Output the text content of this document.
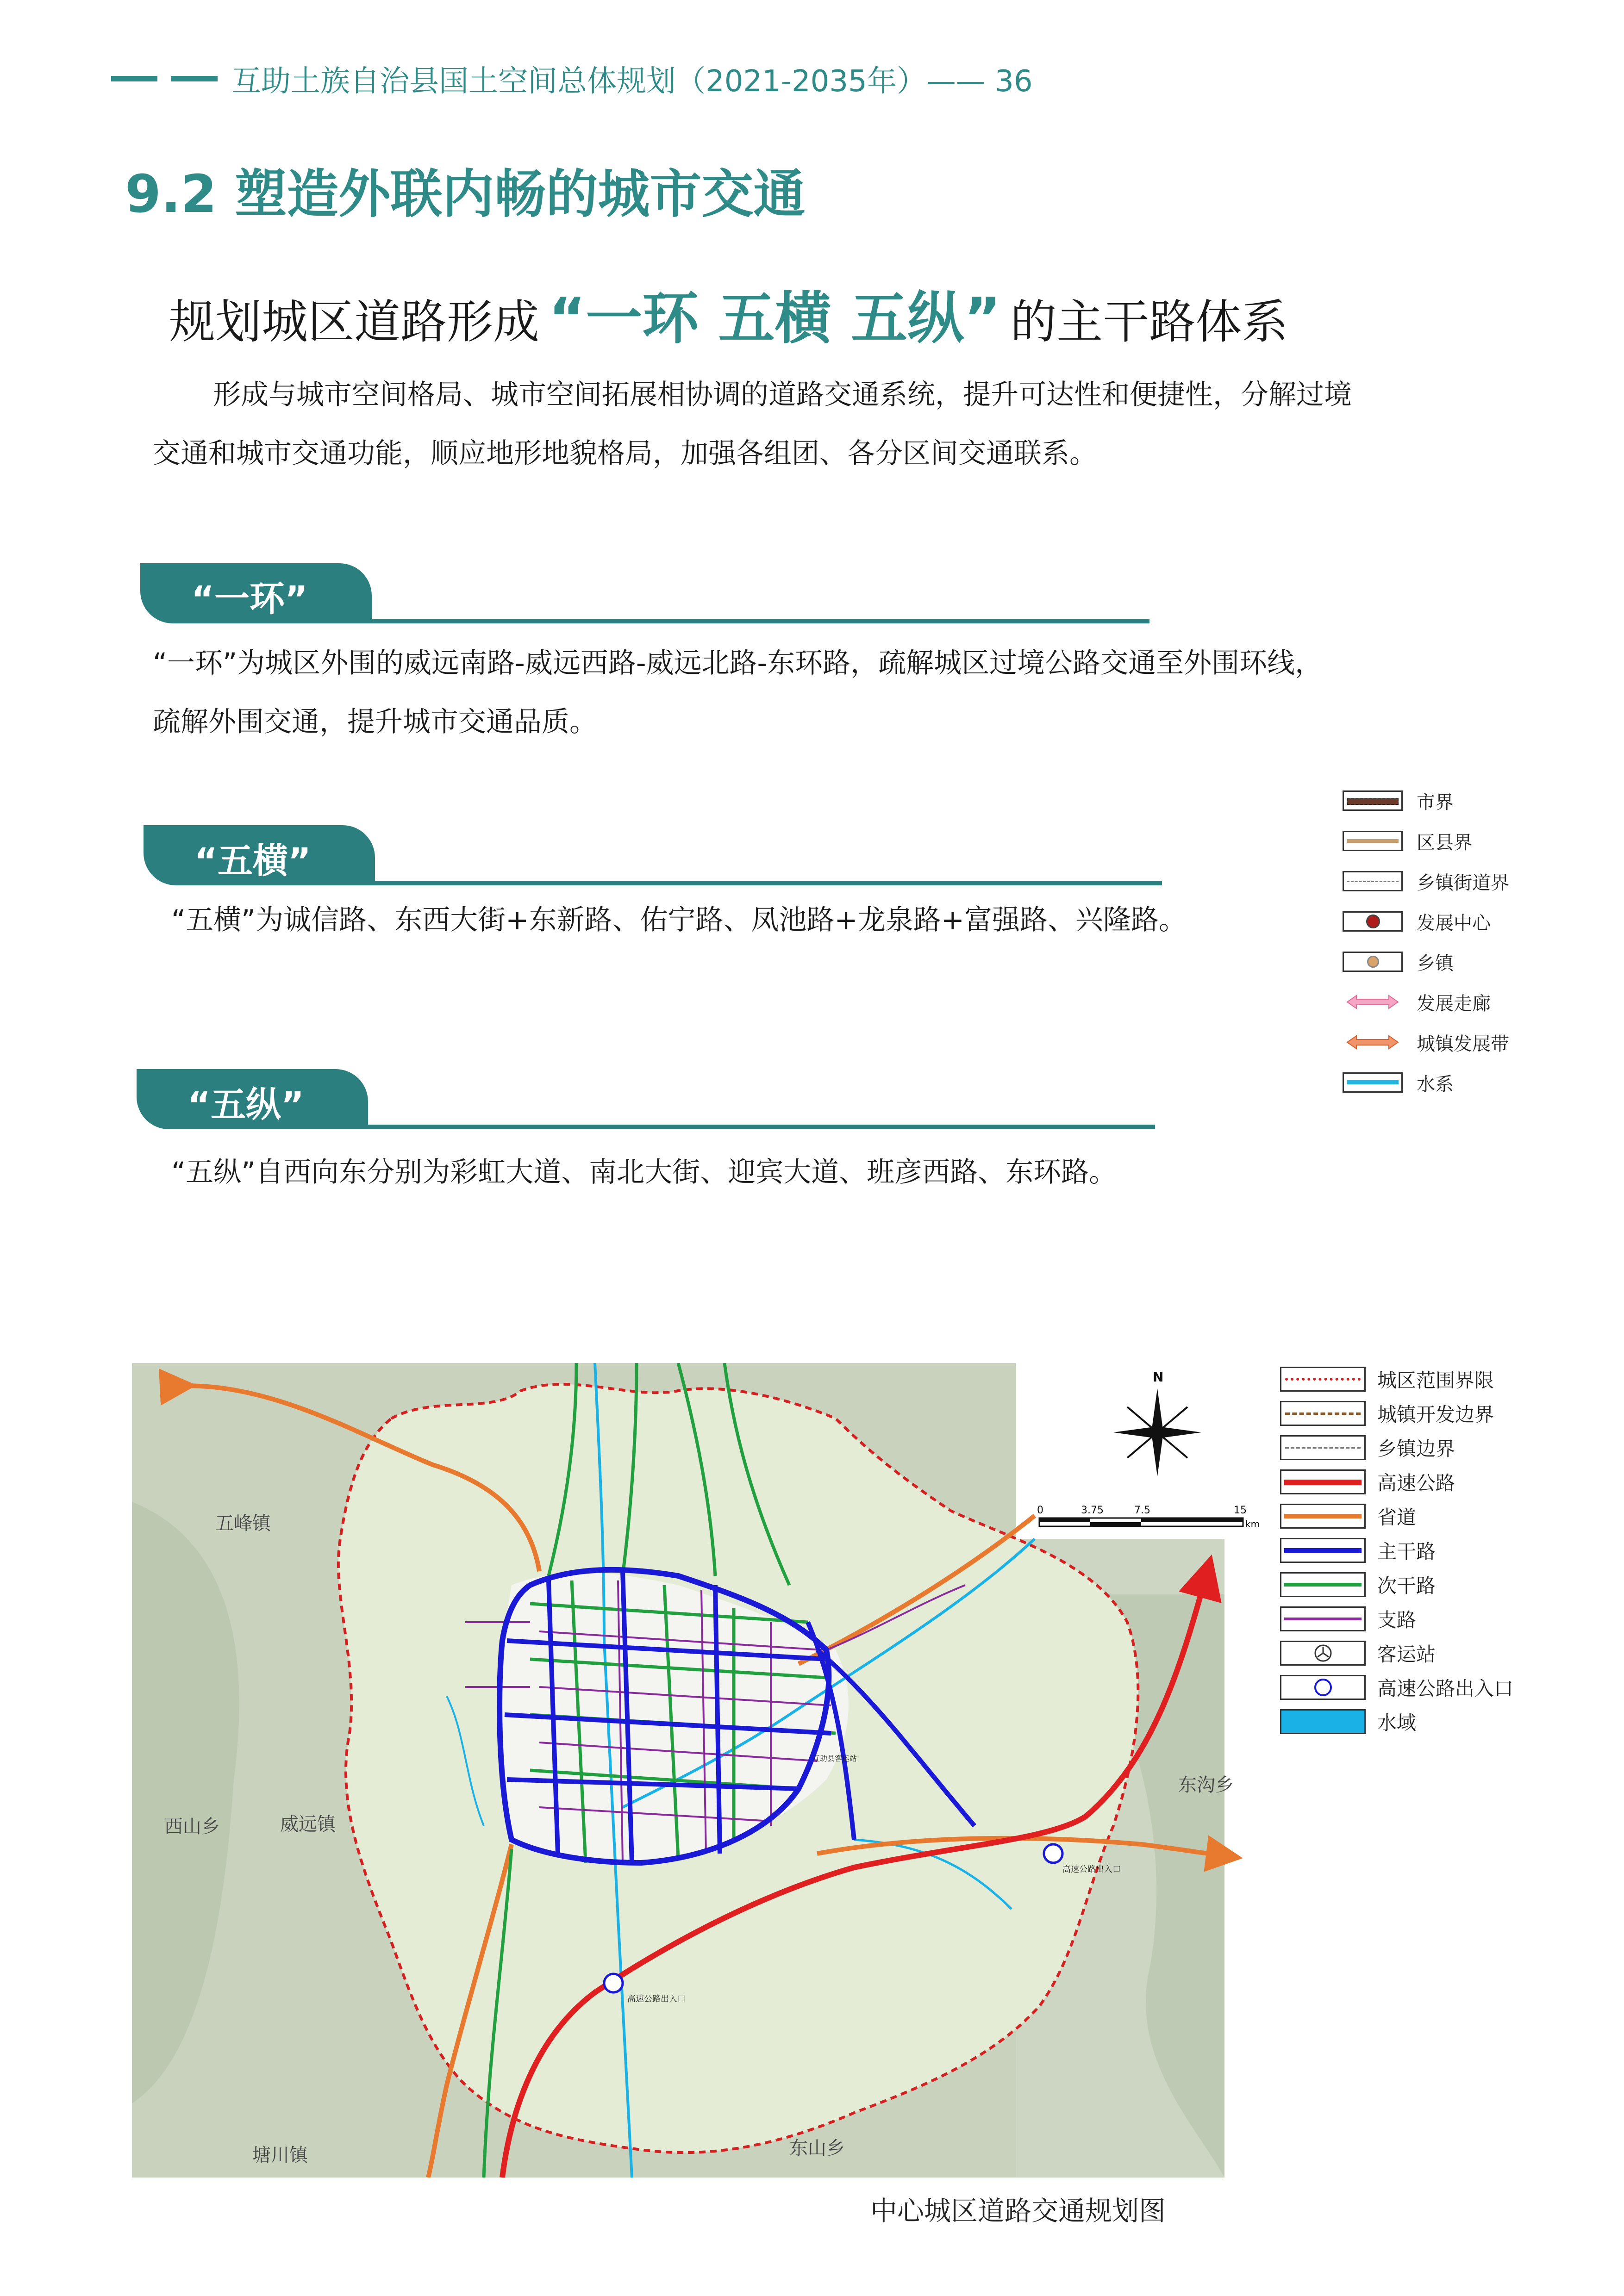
互助土族自治县国土空间总体规划（2021-2035年）—— 36
9.2 塑造外联内畅的城市交通
规划城区道路形成 “一环 五横 五纵” 的主干路体系
形成与城市空间格局、城市空间拓展相协调的道路交通系统，提升可达性和便捷性，分解过境
交通和城市交通功能，顺应地形地貌格局，加强各组团、各分区间交通联系。
“一环”
“一环”为城区外围的威远南路-威远西路-威远北路-东环路，疏解城区过境公路交通至外围环线，
疏解外围交通，提升城市交通品质。
“五横”
“五横”为诚信路、东西大街+东新路、佑宁路、凤池路+龙泉路+富强路、兴隆路。
“五纵”
“五纵”自西向东分别为彩虹大道、南北大街、迎宾大道、班彦西路、东环路。
市界
区县界
乡镇街道界
发展中心
乡镇
发展走廊
城镇发展带
水系
高速公路出入口
高速公路出入口
互助县客运站
五峰镇
西山乡	威远镇
东沟乡
东山乡
塘川镇
N
0	3.75	7.5	15
km
城区范围界限
城镇开发边界
乡镇边界
高速公路
省道
主干路
次干路
支路
客运站
高速公路出入口
水域
中心城区道路交通规划图
